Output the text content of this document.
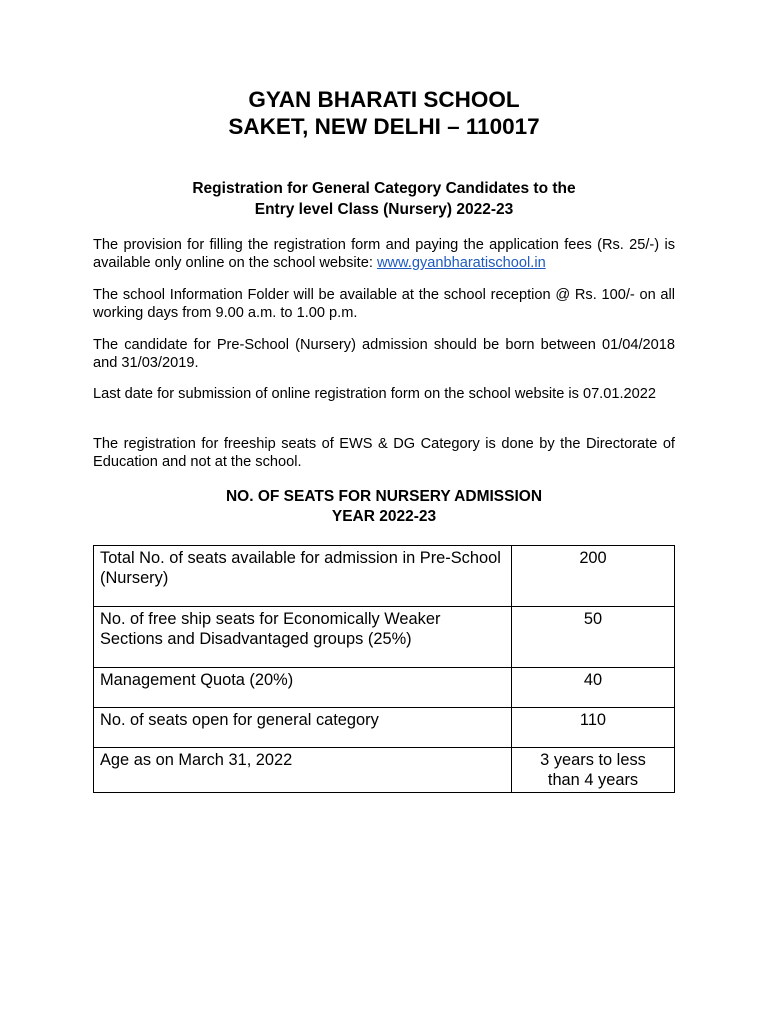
GYAN BHARATI SCHOOL
SAKET, NEW DELHI – 110017
Registration for General Category Candidates to the
Entry level Class (Nursery) 2022-23
The provision for filling the registration form and paying the application fees (Rs. 25/-) is available only online on the school website: www.gyanbharatischool.in
The school Information Folder will be available at the school reception @ Rs. 100/- on all working days from 9.00 a.m. to 1.00 p.m.
The candidate for Pre-School (Nursery) admission should be born between 01/04/2018 and 31/03/2019.
Last date for submission of online registration form on the school website is 07.01.2022
The registration for freeship seats of EWS & DG Category is done by the Directorate of Education and not at the school.
NO. OF SEATS FOR NURSERY ADMISSION
YEAR 2022-23
Total No. of seats available for admission in Pre-School (Nursery)	200
No. of free ship seats for Economically Weaker Sections and Disadvantaged groups (25%)	50
Management Quota (20%)	40
No. of seats open for general category	110
Age as on March 31, 2022	3 years to less than 4 years
